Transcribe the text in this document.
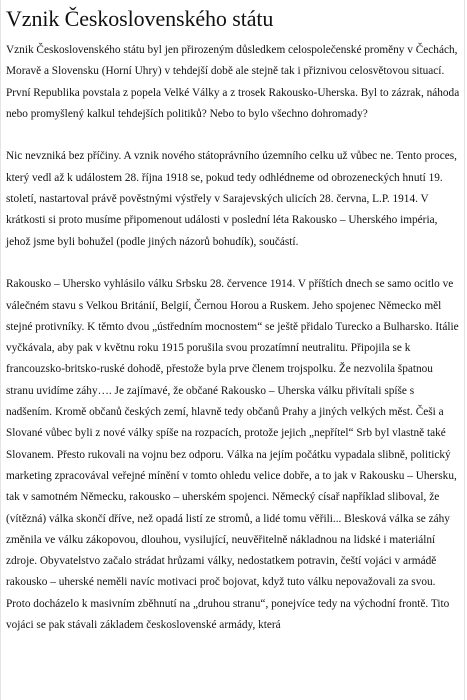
Vznik Československého státu

Vznik Československého státu byl jen přirozeným důsledkem celospolečenské proměny v Čechách, Moravě a Slovensku (Horní Uhry) v tehdejší době ale stejně tak i přiznivou celosvětovou situací. První Republika povstala z popela Velké Války a z trosek Rakousko-Uherska. Byl to zázrak, náhoda nebo promyšlený kalkul tehdejších politiků? Nebo to bylo všechno dohromady?

Nic nevzniká bez příčiny. A vznik nového státoprávního územního celku už vůbec ne. Tento proces, který vedl až k událostem 28. října 1918 se, pokud tedy odhlédneme od obrozeneckých hnutí 19. století, nastartoval právě pověstnými výstřely v Sarajevských ulicích 28. června, L.P. 1914. V krátkosti si proto musíme připomenout události v poslední léta Rakousko – Uherského impéria, jehož jsme byli bohužel (podle jiných názorů bohudík), součástí.

Rakousko – Uhersko vyhlásilo válku Srbsku 28. července 1914. V příštích dnech se samo ocitlo ve válečném stavu s Velkou Británií, Belgií, Černou Horou a Ruskem. Jeho spojenec Německo měl stejné protivníky. K těmto dvou „ústředním mocnostem“ se ještě přidalo Turecko a Bulharsko. Itálie vyčkávala, aby pak v květnu roku 1915 porušila svou prozatímní neutralitu. Připojila se k francouzsko-britsko-ruské dohodě, přestože byla prve členem trojspolku. Že nezvolila špatnou stranu uvidíme záhy…. Je zajímavé, že občané Rakousko – Uherska válku přivítali spíše s nadšením. Kromě občanů českých zemí, hlavně tedy občanů Prahy a jiných velkých měst. Češi a Slované vůbec byli z nové války spíše na rozpacích, protože jejich „nepřítel“ Srb byl vlastně také Slovanem. Přesto rukovali na vojnu bez odporu. Válka na jejím počátku vypadala slibně, politický marketing zpracovával veřejné mínění v tomto ohledu velice dobře, a to jak v Rakousku – Uhersku, tak v samotném Německu, rakousko – uherském spojenci. Německý císař například sliboval, že (vítězná) válka skončí dříve, než opadá listí ze stromů, a lidé tomu věřili... Blesková válka se záhy změnila ve válku zákopovou, dlouhou, vysilující, neuvěřitelně nákladnou na lidské i materiální zdroje. Obyvatelstvo začalo strádat hrůzami války, nedostatkem potravin, čeští vojáci v armádě rakousko – uherské neměli navíc motivaci proč bojovat, když tuto válku nepovažovali za svou. Proto docházelo k masivním zběhnutí na „druhou stranu“, ponejvíce tedy na východní frontě. Tito vojáci se pak stávali základem československé armády, která
